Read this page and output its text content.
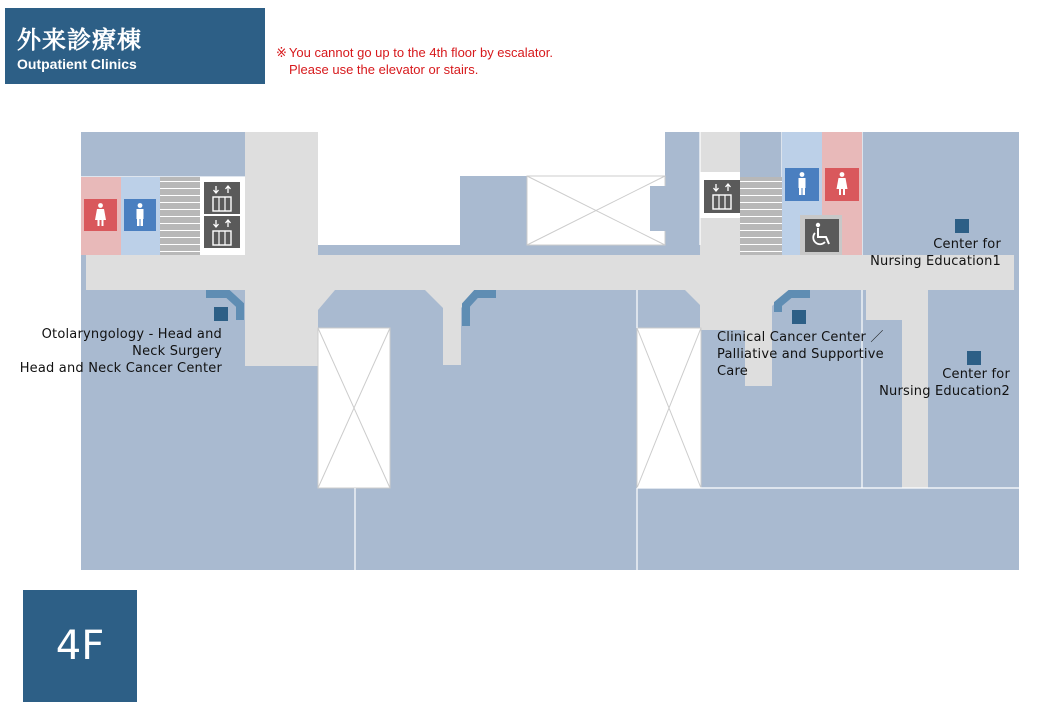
外来診療棟
Outpatient Clinics
※ You cannot go up to the 4th floor by escalator.
Please use the elevator or stairs.
Otolaryngology - Head and
Neck Surgery
Head and Neck Cancer Center
Clinical Cancer Center ／
Palliative and Supportive
Care
Center for
Nursing Education1
Center for
Nursing Education2
4F
